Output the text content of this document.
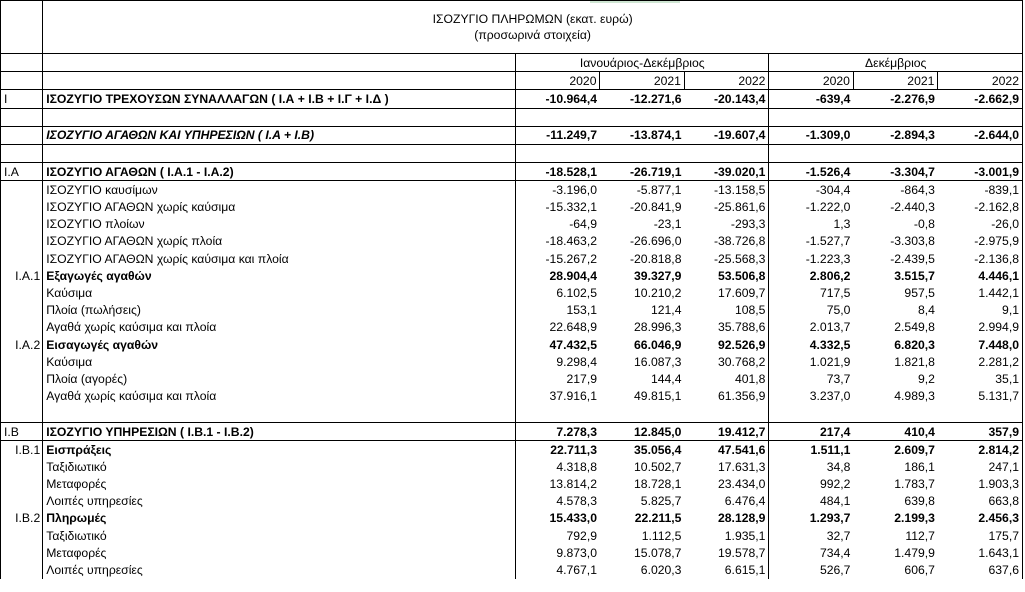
	ΙΣΟΖΥΓΙΟ ΠΛΗΡΩΜΩΝ (εκατ. ευρώ)
(προσωρινά στοιχεία)						

		Ιανουάριος-Δεκέμβριος			Δεκέμβριος		
		2020	2021	2022	2020	2021	2022
I	ΙΣΟΖΥΓΙΟ ΤΡΕΧΟΥΣΩΝ ΣΥΝΑΛΛΑΓΩΝ ( Ι.Α + Ι.Β + Ι.Γ + Ι.Δ )	-10.964,4	-12.271,6	-20.143,4	-639,4	-2.276,9	-2.662,9

	ΙΣΟΖΥΓΙΟ ΑΓΑΘΩΝ ΚΑΙ ΥΠΗΡΕΣΙΩΝ ( Ι.Α + Ι.Β)	-11.249,7	-13.874,1	-19.607,4	-1.309,0	-2.894,3	-2.644,0

I.A	ΙΣΟΖΥΓΙΟ ΑΓΑΘΩΝ ( Ι.Α.1 - Ι.Α.2)	-18.528,1	-26.719,1	-39.020,1	-1.526,4	-3.304,7	-3.001,9
	ΙΣΟΖΥΓΙΟ καυσίμων	-3.196,0	-5.877,1	-13.158,5	-304,4	-864,3	-839,1
	ΙΣΟΖΥΓΙΟ ΑΓΑΘΩΝ χωρίς καύσιμα	-15.332,1	-20.841,9	-25.861,6	-1.222,0	-2.440,3	-2.162,8
	ΙΣΟΖΥΓΙΟ πλοίων	-64,9	-23,1	-293,3	1,3	-0,8	-26,0
	ΙΣΟΖΥΓΙΟ ΑΓΑΘΩΝ χωρίς πλοία	-18.463,2	-26.696,0	-38.726,8	-1.527,7	-3.303,8	-2.975,9
	ΙΣΟΖΥΓΙΟ ΑΓΑΘΩΝ χωρίς καύσιμα και πλοία	-15.267,2	-20.818,8	-25.568,3	-1.223,3	-2.439,5	-2.136,8
Ι.Α.1	Εξαγωγές αγαθών	28.904,4	39.327,9	53.506,8	2.806,2	3.515,7	4.446,1
	Καύσιμα	6.102,5	10.210,2	17.609,7	717,5	957,5	1.442,1
	Πλοία (πωλήσεις)	153,1	121,4	108,5	75,0	8,4	9,1
	Αγαθά χωρίς καύσιμα και πλοία	22.648,9	28.996,3	35.788,6	2.013,7	2.549,8	2.994,9
Ι.Α.2	Εισαγωγές αγαθών	47.432,5	66.046,9	92.526,9	4.332,5	6.820,3	7.448,0
	Καύσιμα	9.298,4	16.087,3	30.768,2	1.021,9	1.821,8	2.281,2
	Πλοία (αγορές)	217,9	144,4	401,8	73,7	9,2	35,1
	Αγαθά χωρίς καύσιμα και πλοία	37.916,1	49.815,1	61.356,9	3.237,0	4.989,3	5.131,7

I.B	ΙΣΟΖΥΓΙΟ ΥΠΗΡΕΣΙΩΝ ( Ι.Β.1 - Ι.Β.2)	7.278,3	12.845,0	19.412,7	217,4	410,4	357,9
Ι.Β.1	Εισπράξεις	22.711,3	35.056,4	47.541,6	1.511,1	2.609,7	2.814,2
	Ταξιδιωτικό	4.318,8	10.502,7	17.631,3	34,8	186,1	247,1
	Μεταφορές	13.814,2	18.728,1	23.434,0	992,2	1.783,7	1.903,3
	Λοιπές υπηρεσίες	4.578,3	5.825,7	6.476,4	484,1	639,8	663,8
Ι.Β.2	Πληρωμές	15.433,0	22.211,5	28.128,9	1.293,7	2.199,3	2.456,3
	Ταξιδιωτικό	792,9	1.112,5	1.935,1	32,7	112,7	175,7
	Μεταφορές	9.873,0	15.078,7	19.578,7	734,4	1.479,9	1.643,1
	Λοιπές υπηρεσίες	4.767,1	6.020,3	6.615,1	526,7	606,7	637,6
